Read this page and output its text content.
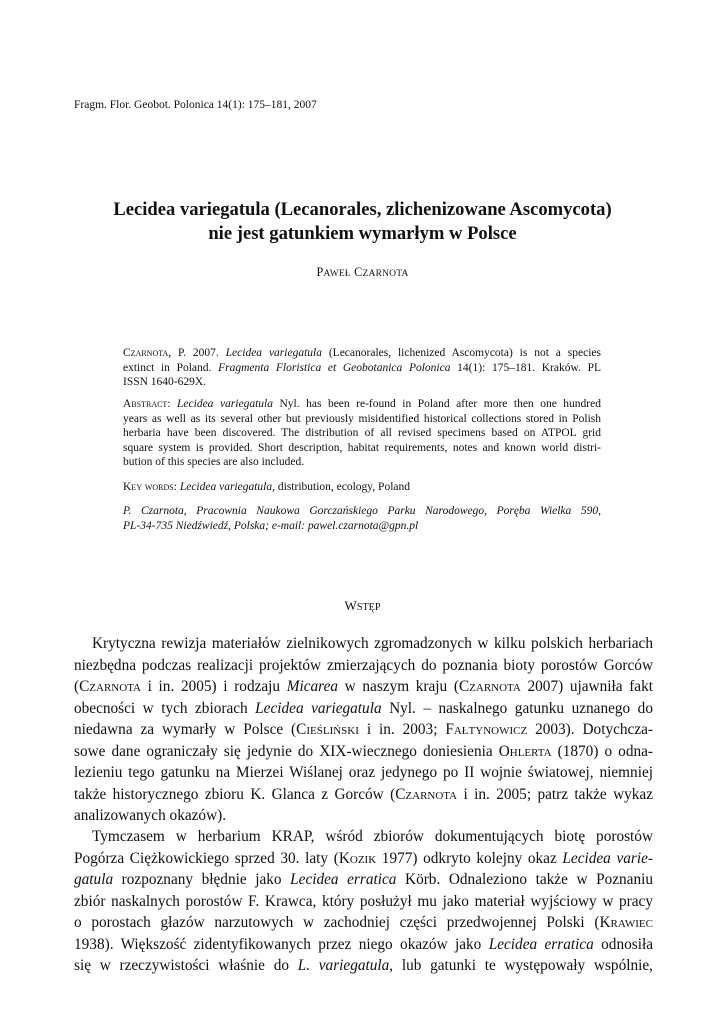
Fragm. Flor. Geobot. Polonica 14(1): 175–181, 2007
Lecidea variegatula (Lecanorales, zlichenizowane Ascomycota)
nie jest gatunkiem wymarłym w Polsce
PAWEŁ CZARNOTA
Czarnota, P. 2007. Lecidea variegatula (Lecanorales, lichenized Ascomycota) is not a species
extinct in Poland. Fragmenta Floristica et Geobotanica Polonica 14(1): 175–181. Kraków. PL
ISSN 1640-629X.
Abstract: Lecidea variegatula Nyl. has been re-found in Poland after more then one hundred
years as well as its several other but previously misidentified historical collections stored in Polish
herbaria have been discovered. The distribution of all revised specimens based on ATPOL grid
square system is provided. Short description, habitat requirements, notes and known world distri-
bution of this species are also included.
Key words: Lecidea variegatula, distribution, ecology, Poland
P. Czarnota, Pracownia Naukowa Gorczańskiego Parku Narodowego, Poręba Wielka 590,
PL-34-735 Niedźwiedź, Polska; e-mail: pawel.czarnota@gpn.pl
WSTĘP
Krytyczna rewizja materiałów zielnikowych zgromadzonych w kilku polskich herbariach
niezbędna podczas realizacji projektów zmierzających do poznania bioty porostów Gorców
(Czarnota i in. 2005) i rodzaju Micarea w naszym kraju (Czarnota 2007) ujawniła fakt
obecności w tych zbiorach Lecidea variegatula Nyl. – naskalnego gatunku uznanego do
niedawna za wymarły w Polsce (Cieśliński i in. 2003; Fałtynowicz 2003). Dotychcza-
sowe dane ograniczały się jedynie do XIX-wiecznego doniesienia Ohlerta (1870) o odna-
lezieniu tego gatunku na Mierzei Wiślanej oraz jedynego po II wojnie światowej, niemniej
także historycznego zbioru K. Glanca z Gorców (Czarnota i in. 2005; patrz także wykaz
analizowanych okazów).
Tymczasem w herbarium KRAP, wśród zbiorów dokumentujących biotę porostów
Pogórza Ciężkowickiego sprzed 30. laty (Kozik 1977) odkryto kolejny okaz Lecidea varie-
gatula rozpoznany błędnie jako Lecidea erratica Körb. Odnaleziono także w Poznaniu
zbiór naskalnych porostów F. Krawca, który posłużył mu jako materiał wyjściowy w pracy
o porostach głazów narzutowych w zachodniej części przedwojennej Polski (Krawiec
1938). Większość zidentyfikowanych przez niego okazów jako Lecidea erratica odnosiła
się w rzeczywistości właśnie do L. variegatula, lub gatunki te występowały wspólnie,
